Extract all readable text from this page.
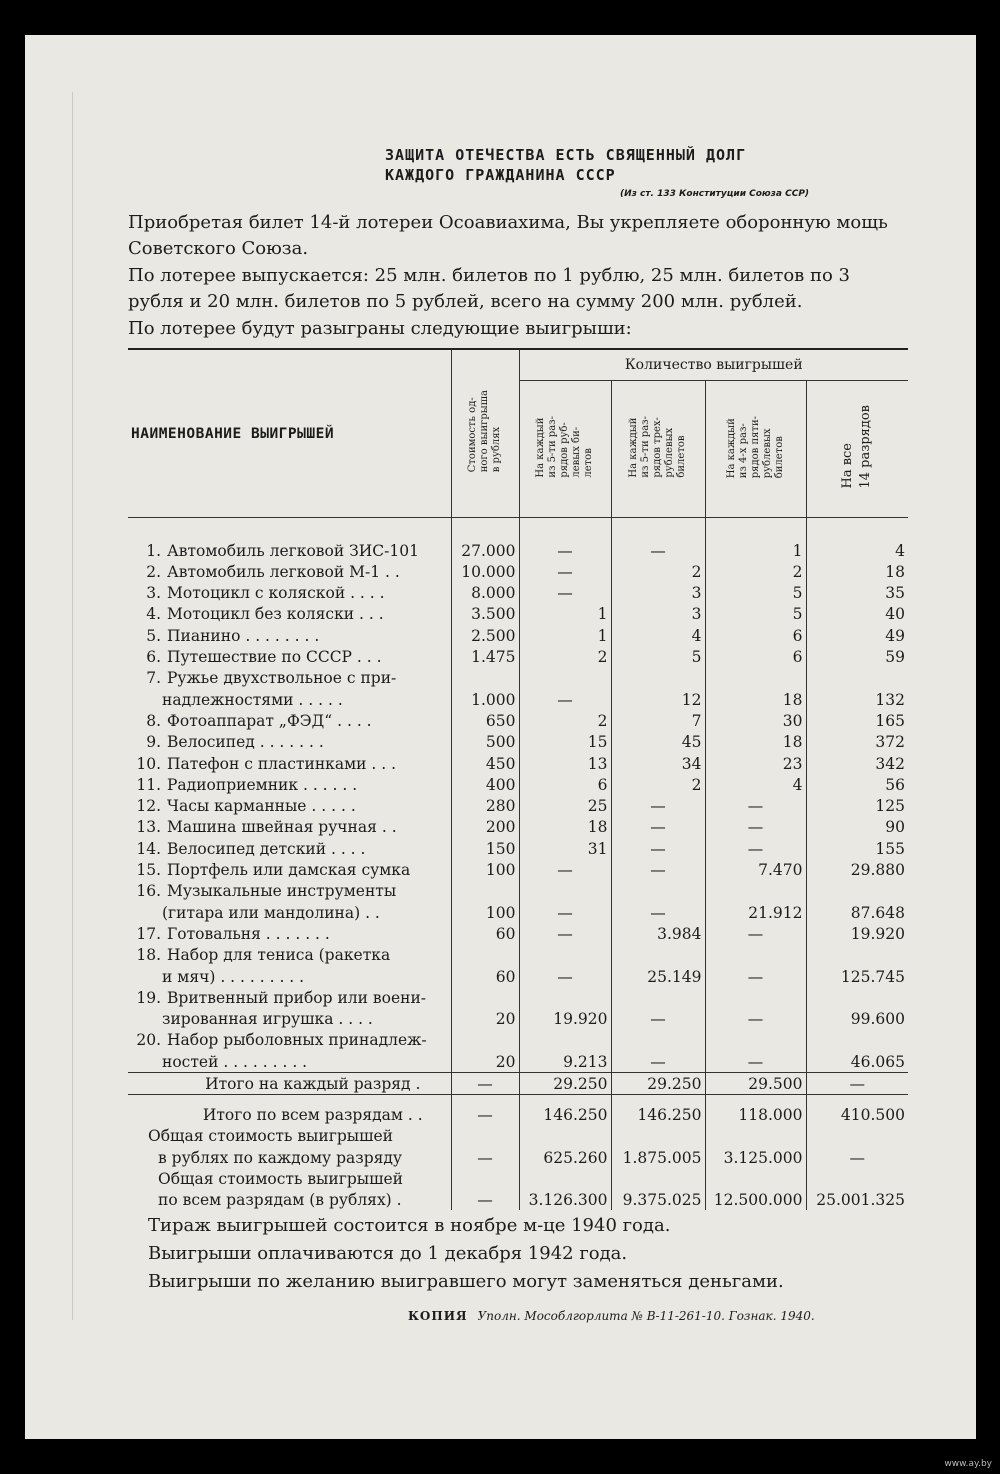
ЗАЩИТА ОТЕЧЕСТВА ЕСТЬ СВЯЩЕННЫЙ ДОЛГ
КАЖДОГО ГРАЖДАНИНА СССР
(Из ст. 133 Конституции Союза ССР)

Приобретая билет 14-й лотереи Осоавиахима, Вы укрепляете оборонную мощь Советского Союза.

По лотерее выпускается: 25 млн. билетов по 1 рублю, 25 млн. билетов по 3 рубля и 20 млн. билетов по 5 рублей, всего на сумму 200 млн. рублей.

По лотерее будут разыграны следующие выигрыши:

НАИМЕНОВАНИЕ ВЫИГРЫШЕЙ	Стоимость од-
ного выигрыша
в рублях	Количество выигрышей			
		На каждый
из 5-ти раз-
рядов руб-
левых би-
летов	На каждый
из 5-ти раз-
рядов трех-
рублевых
билетов	На каждый
из 4-х раз-
рядов пяти-
рублевых
билетов	На все
14 разрядов

1. Автомобиль легковой ЗИС-101	27.000	—	—	1	4
2. Автомобиль легковой М-1 . .	10.000	—	2	2	18
3. Мотоцикл с коляской . . . .	8.000	—	3	5	35
4. Мотоцикл без коляски . . .	3.500	1	3	5	40
5. Пианино . . . . . . . .	2.500	1	4	6	49
6. Путешествие по СССР . . .	1.475	2	5	6	59
7. Ружье двухствольное с при-					
надлежностями . . . . .	1.000	—	12	18	132
8. Фотоаппарат „ФЭД“ . . . .	650	2	7	30	165
9. Велосипед . . . . . . .	500	15	45	18	372
10. Патефон с пластинками . . .	450	13	34	23	342
11. Радиоприемник . . . . . .	400	6	2	4	56
12. Часы карманные . . . . .	280	25	—	—	125
13. Машина швейная ручная . .	200	18	—	—	90
14. Велосипед детский . . . .	150	31	—	—	155
15. Портфель или дамская сумка	100	—	—	7.470	29.880
16. Музыкальные инструменты					
(гитара или мандолина) . .	100	—	—	21.912	87.648
17. Готовальня . . . . . . .	60	—	3.984	—	19.920
18. Набор для тениса (ракетка					
и мяч) . . . . . . . . .	60	—	25.149	—	125.745
19. Вритвенный прибор или воени-					
зированная игрушка . . . .	20	19.920	—	—	99.600
20. Набор рыболовных принадлеж-					
ностей . . . . . . . . .	20	9.213	—	—	46.065
Итого на каждый разряд .	—	29.250	29.250	29.500	—
Итого по всем разрядам . .	—	146.250	146.250	118.000	410.500
Общая стоимость выигрышей					
в рублях по каждому разряду	—	625.260	1.875.005	3.125.000	—
Общая стоимость выигрышей					
по всем разрядам (в рублях) .	—	3.126.300	9.375.025	12.500.000	25.001.325
Тираж выигрышей состоится в ноябре м-це 1940 года.
Выигрыши оплачиваются до 1 декабря 1942 года.
Выигрыши по желанию выигравшего могут заменяться деньгами.
КОПИЯ Уполн. Мособлгорлита № В-11-261-10. Гознак. 1940.
www.ay.by
